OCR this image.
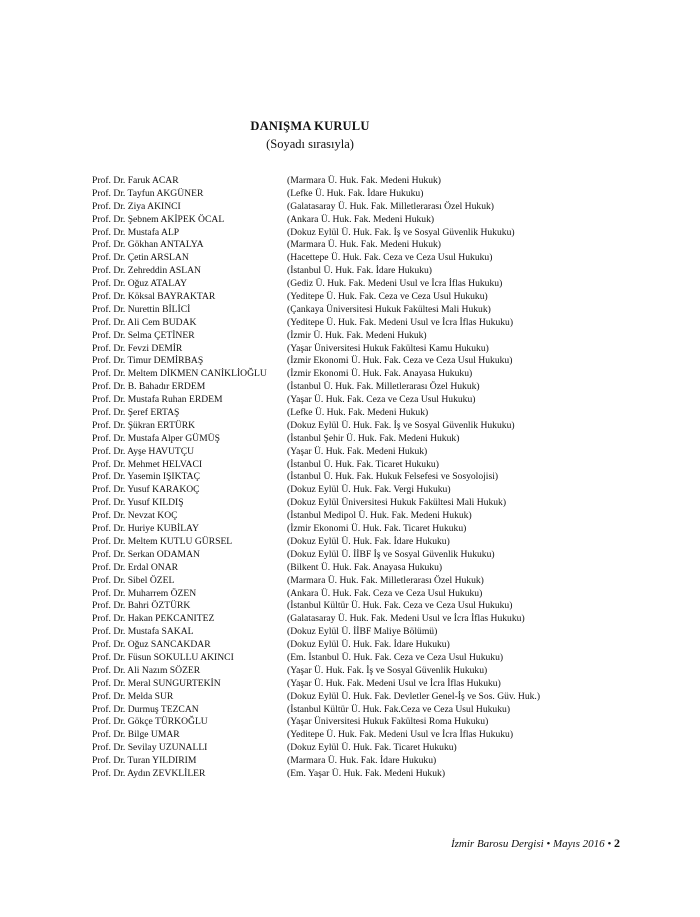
DANIŞMA KURULU
(Soyadı sırasıyla)
Prof. Dr. Faruk ACAR	(Marmara Ü. Huk. Fak. Medeni Hukuk)
Prof. Dr. Tayfun AKGÜNER	(Lefke Ü. Huk. Fak. İdare Hukuku)
Prof. Dr. Ziya AKINCI	(Galatasaray Ü. Huk. Fak. Milletlerarası Özel Hukuk)
Prof. Dr. Şebnem AKİPEK ÖCAL	(Ankara Ü. Huk. Fak. Medeni Hukuk)
Prof. Dr. Mustafa ALP	(Dokuz Eylül Ü. Huk. Fak. İş ve Sosyal Güvenlik Hukuku)
Prof. Dr. Gökhan ANTALYA	(Marmara Ü. Huk. Fak. Medeni Hukuk)
Prof. Dr. Çetin ARSLAN	(Hacettepe Ü. Huk. Fak. Ceza ve Ceza Usul Hukuku)
Prof. Dr. Zehreddin ASLAN	(İstanbul Ü. Huk. Fak. İdare Hukuku)
Prof. Dr. Oğuz ATALAY	(Gediz Ü. Huk. Fak. Medeni Usul ve İcra İflas Hukuku)
Prof. Dr. Köksal BAYRAKTAR	(Yeditepe Ü. Huk. Fak. Ceza ve Ceza Usul Hukuku)
Prof. Dr. Nurettin BİLİCİ	(Çankaya Üniversitesi Hukuk Fakültesi Mali Hukuk)
Prof. Dr. Ali Cem BUDAK	(Yeditepe Ü. Huk. Fak. Medeni Usul ve İcra İflas Hukuku)
Prof. Dr. Selma ÇETİNER	(İzmir Ü. Huk. Fak. Medeni Hukuk)
Prof. Dr. Fevzi DEMİR	(Yaşar Üniversitesi Hukuk Fakültesi Kamu Hukuku)
Prof. Dr. Timur DEMİRBAŞ	(İzmir Ekonomi Ü. Huk. Fak. Ceza ve Ceza Usul Hukuku)
Prof. Dr. Meltem DİKMEN CANİKLİOĞLU	(İzmir Ekonomi Ü. Huk. Fak. Anayasa Hukuku)
Prof. Dr. B. Bahadır ERDEM	(İstanbul Ü. Huk. Fak. Milletlerarası Özel Hukuk)
Prof. Dr. Mustafa Ruhan ERDEM	(Yaşar Ü. Huk. Fak. Ceza ve Ceza Usul Hukuku)
Prof. Dr. Şeref ERTAŞ	(Lefke Ü. Huk. Fak. Medeni Hukuk)
Prof. Dr. Şükran ERTÜRK	(Dokuz Eylül Ü. Huk. Fak. İş ve Sosyal Güvenlik Hukuku)
Prof. Dr. Mustafa Alper GÜMÜŞ	(İstanbul Şehir Ü. Huk. Fak. Medeni Hukuk)
Prof. Dr. Ayşe HAVUTÇU	(Yaşar Ü. Huk. Fak. Medeni Hukuk)
Prof. Dr. Mehmet HELVACI	(İstanbul Ü. Huk. Fak. Ticaret Hukuku)
Prof. Dr. Yasemin IŞIKTAÇ	(İstanbul Ü. Huk. Fak. Hukuk Felsefesi ve Sosyolojisi)
Prof. Dr. Yusuf KARAKOÇ	(Dokuz Eylül Ü. Huk. Fak. Vergi Hukuku)
Prof. Dr. Yusuf KILDIŞ	(Dokuz Eylül Üniversitesi Hukuk Fakültesi Mali Hukuk)
Prof. Dr. Nevzat KOÇ	(İstanbul Medipol Ü. Huk. Fak. Medeni Hukuk)
Prof. Dr. Huriye KUBİLAY	(İzmir Ekonomi Ü. Huk. Fak. Ticaret Hukuku)
Prof. Dr. Meltem KUTLU GÜRSEL	(Dokuz Eylül Ü. Huk. Fak. İdare Hukuku)
Prof. Dr. Serkan ODAMAN	(Dokuz Eylül Ü. İİBF İş ve Sosyal Güvenlik Hukuku)
Prof. Dr. Erdal ONAR	(Bilkent Ü. Huk. Fak. Anayasa Hukuku)
Prof. Dr. Sibel ÖZEL	(Marmara Ü. Huk. Fak. Milletlerarası Özel Hukuk)
Prof. Dr. Muharrem ÖZEN	(Ankara Ü. Huk. Fak. Ceza ve Ceza Usul Hukuku)
Prof. Dr. Bahri ÖZTÜRK	(İstanbul Kültür Ü. Huk. Fak. Ceza ve Ceza Usul Hukuku)
Prof. Dr. Hakan PEKCANITEZ	(Galatasaray Ü. Huk. Fak. Medeni Usul ve İcra İflas Hukuku)
Prof. Dr. Mustafa SAKAL	(Dokuz Eylül Ü. İİBF Maliye Bölümü)
Prof. Dr. Oğuz SANCAKDAR	(Dokuz Eylül Ü. Huk. Fak. İdare Hukuku)
Prof. Dr. Füsun SOKULLU AKINCI	(Em. İstanbul Ü. Huk. Fak. Ceza ve Ceza Usul Hukuku)
Prof. Dr. Ali Nazım SÖZER	(Yaşar Ü. Huk. Fak. İş ve Sosyal Güvenlik Hukuku)
Prof. Dr. Meral SUNGURTEKİN	(Yaşar Ü. Huk. Fak. Medeni Usul ve İcra İflas Hukuku)
Prof. Dr. Melda SUR	(Dokuz Eylül Ü. Huk. Fak. Devletler Genel-İş ve Sos. Güv. Huk.)
Prof. Dr. Durmuş TEZCAN	(İstanbul Kültür Ü. Huk. Fak.Ceza ve Ceza Usul Hukuku)
Prof. Dr. Gökçe TÜRKOĞLU	(Yaşar Üniversitesi Hukuk Fakültesi Roma Hukuku)
Prof. Dr. Bilge UMAR	(Yeditepe Ü. Huk. Fak. Medeni Usul ve İcra İflas Hukuku)
Prof. Dr. Sevilay UZUNALLI	(Dokuz Eylül Ü. Huk. Fak. Ticaret Hukuku)
Prof. Dr. Turan YILDIRIM	(Marmara Ü. Huk. Fak. İdare Hukuku)
Prof. Dr. Aydın ZEVKLİLER	(Em. Yaşar Ü. Huk. Fak. Medeni Hukuk)
İzmir Barosu Dergisi • Mayıs 2016 • 2
